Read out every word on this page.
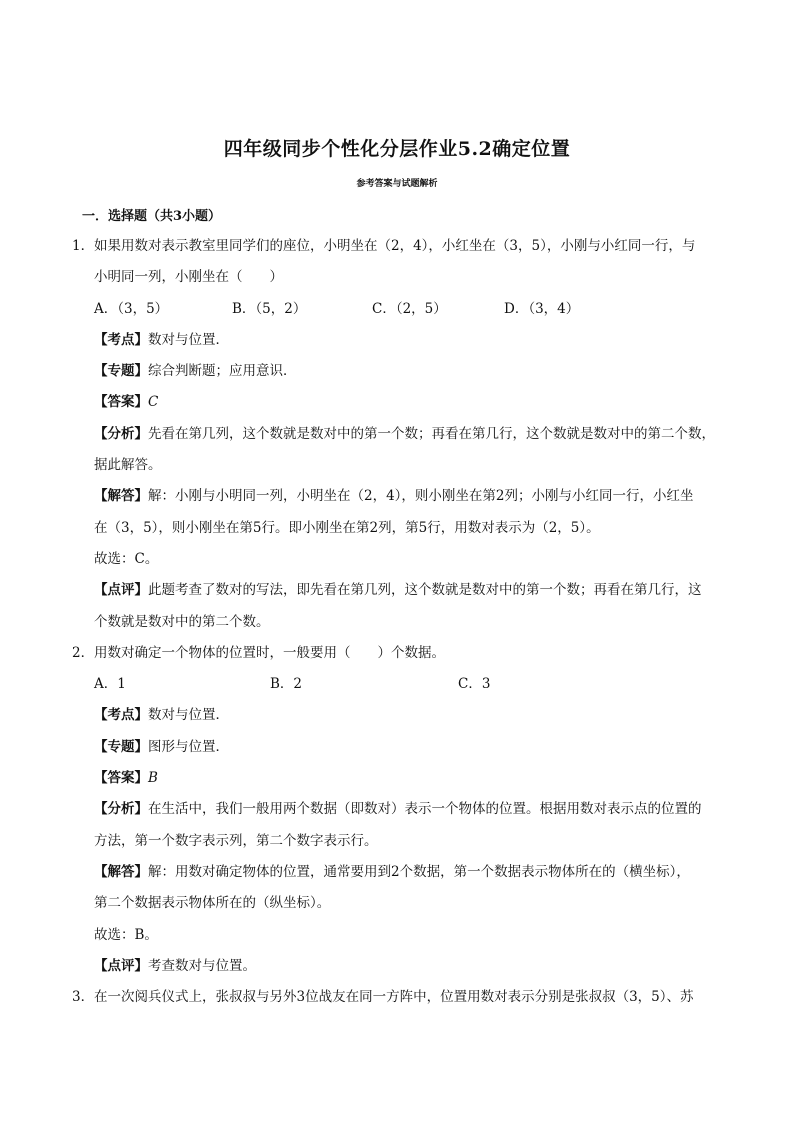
四年级同步个性化分层作业5.2确定位置
参考答案与试题解析
一．选择题（共3小题）
1．如果用数对表示教室里同学们的座位，小明坐在（2，4），小红坐在（3，5），小刚与小红同一行，与
小明同一列，小刚坐在（　　）
A．（3，5）	B．（5，2）	C．（2，5）	D．（3，4）
【考点】数对与位置．
【专题】综合判断题；应用意识．
【答案】C
【分析】先看在第几列，这个数就是数对中的第一个数；再看在第几行，这个数就是数对中的第二个数，
据此解答。
【解答】解：小刚与小明同一列，小明坐在（2，4），则小刚坐在第2列；小刚与小红同一行，小红坐
在（3，5），则小刚坐在第5行。即小刚坐在第2列，第5行，用数对表示为（2，5）。
故选：C。
【点评】此题考查了数对的写法，即先看在第几列，这个数就是数对中的第一个数；再看在第几行，这
个数就是数对中的第二个数。
2．用数对确定一个物体的位置时，一般要用（　　）个数据。
A．1	B．2	C．3
【考点】数对与位置．
【专题】图形与位置．
【答案】B
【分析】在生活中，我们一般用两个数据（即数对）表示一个物体的位置。根据用数对表示点的位置的
方法，第一个数字表示列，第二个数字表示行。
【解答】解：用数对确定物体的位置，通常要用到2个数据，第一个数据表示物体所在的（横坐标），
第二个数据表示物体所在的（纵坐标）。
故选：B。
【点评】考查数对与位置。
3．在一次阅兵仪式上，张叔叔与另外3位战友在同一方阵中，位置用数对表示分别是张叔叔（3，5）、苏
